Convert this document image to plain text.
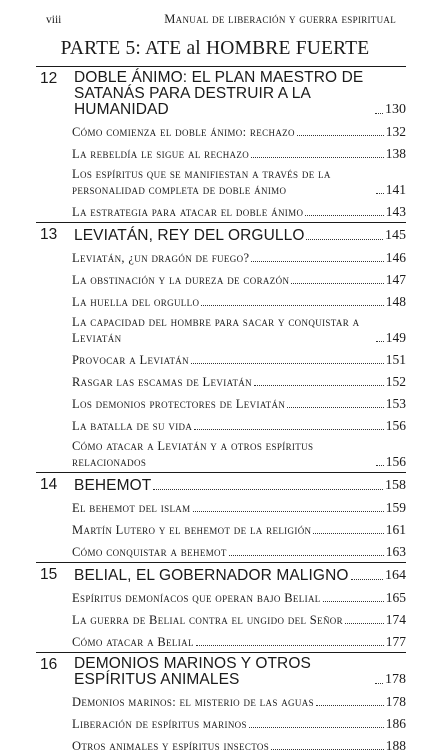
viii	Manual de liberación y guerra espiritual
PARTE 5: ATE al HOMBRE FUERTE
12	DOBLE ÁNIMO: EL PLAN MAESTRO DE SATANÁS PARA DESTRUIR A LA HUMANIDAD	130
Cómo comienza el doble ánimo: rechazo	132
La rebeldía le sigue al rechazo	138
Los espíritus que se manifiestan a través de la personalidad completa de doble ánimo	141
La estrategia para atacar el doble ánimo	143
13	LEVIATÁN, REY DEL ORGULLO	145
Leviatán, ¿un dragón de fuego?	146
La obstinación y la dureza de corazón	147
La huella del orgullo	148
La capacidad del hombre para sacar y conquistar a Leviatán	149
Provocar a Leviatán	151
Rasgar las escamas de Leviatán	152
Los demonios protectores de Leviatán	153
La batalla de su vida	156
Cómo atacar a Leviatán y a otros espíritus relacionados	156
14	BEHEMOT	158
El behemot del islam	159
Martín Lutero y el behemot de la religión	161
Cómo conquistar a behemot	163
15	BELIAL, EL GOBERNADOR MALIGNO	164
Espíritus demoníacos que operan bajo Belial	165
La guerra de Belial contra el ungido del Señor	174
Cómo atacar a Belial	177
16	DEMONIOS MARINOS Y OTROS ESPÍRITUS ANIMALES	178
Demonios marinos: el misterio de las aguas	178
Liberación de espíritus marinos	186
Otros animales y espíritus insectos	188
